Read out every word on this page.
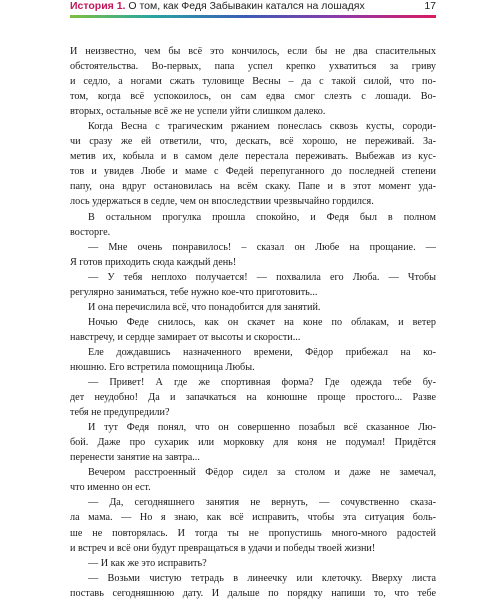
История 1. О том, как Федя Забывакин катался на лошадях	17
И неизвестно, чем бы всё это кончилось, если бы не два спасительных
обстоятельства. Во-первых, папа успел крепко ухватиться за гриву
и седло, а ногами сжать туловище Весны – да с такой силой, что по-
том, когда всё успокоилось, он сам едва смог слезть с лошади. Во-
вторых, остальные всё же не успели уйти слишком далеко.
Когда Весна с трагическим ржанием понеслась сквозь кусты, сороди-
чи сразу же ей ответили, что, дескать, всё хорошо, не переживай. За-
метив их, кобыла и в самом деле перестала переживать. Выбежав из кус-
тов и увидев Любе и маме с Федей перепуганного до последней степени
папу, она вдруг остановилась на всём скаку. Папе и в этот момент уда-
лось удержаться в седле, чем он впоследствии чрезвычайно гордился.
В остальном прогулка прошла спокойно, и Федя был в полном
восторге.
— Мне очень понравилось! – сказал он Любе на прощание. —
Я готов приходить сюда каждый день!
— У тебя неплохо получается! — похвалила его Люба. — Чтобы
регулярно заниматься, тебе нужно кое-что приготовить...
И она перечислила всё, что понадобится для занятий.
Ночью Феде снилось, как он скачет на коне по облакам, и ветер
навстречу, и сердце замирает от высоты и скорости...
Еле дождавшись назначенного времени, Фёдор прибежал на ко-
нюшню. Его встретила помощница Любы.
— Привет! А где же спортивная форма? Где одежда тебе бу-
дет неудобно! Да и запачкаться на конюшне проще простого... Разве
тебя не предупредили?
И тут Федя понял, что он совершенно позабыл всё сказанное Лю-
бой. Даже про сухарик или морковку для коня не подумал! Придётся
перенести занятие на завтра...
Вечером расстроенный Фёдор сидел за столом и даже не замечал,
что именно он ест.
— Да, сегодняшнего занятия не вернуть, — сочувственно сказа-
ла мама. — Но я знаю, как всё исправить, чтобы эта ситуация боль-
ше не повторялась. И тогда ты не пропустишь много-много радостей
и встреч и всё они будут превращаться в удачи и победы твоей жизни!
— И как же это исправить?
— Возьми чистую тетрадь в линеечку или клеточку. Вверху листа
поставь сегодняшнюю дату. И дальше по порядку напиши то, что тебе
